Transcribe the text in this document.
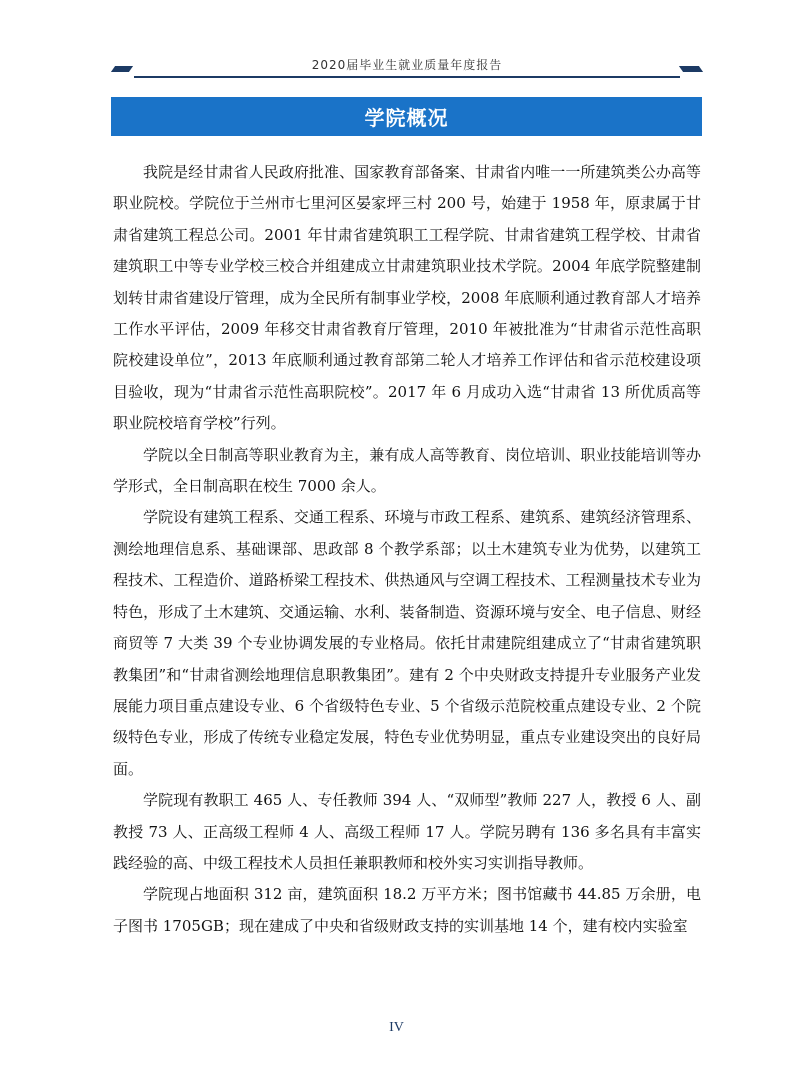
2020届毕业生就业质量年度报告
学院概况

我院是经甘肃省人民政府批准、国家教育部备案、甘肃省内唯一一所建筑类公办高等职业院校。学院位于兰州市七里河区晏家坪三村 200 号，始建于 1958 年，原隶属于甘肃省建筑工程总公司。2001 年甘肃省建筑职工工程学院、甘肃省建筑工程学校、甘肃省建筑职工中等专业学校三校合并组建成立甘肃建筑职业技术学院。2004 年底学院整建制划转甘肃省建设厅管理，成为全民所有制事业学校，2008 年底顺利通过教育部人才培养工作水平评估，2009 年移交甘肃省教育厅管理，2010 年被批准为“甘肃省示范性高职院校建设单位”，2013 年底顺利通过教育部第二轮人才培养工作评估和省示范校建设项目验收，现为“甘肃省示范性高职院校”。2017 年 6 月成功入选“甘肃省 13 所优质高等职业院校培育学校”行列。

学院以全日制高等职业教育为主，兼有成人高等教育、岗位培训、职业技能培训等办学形式，全日制高职在校生 7000 余人。

学院设有建筑工程系、交通工程系、环境与市政工程系、建筑系、建筑经济管理系、测绘地理信息系、基础课部、思政部 8 个教学系部；以土木建筑专业为优势，以建筑工程技术、工程造价、道路桥梁工程技术、供热通风与空调工程技术、工程测量技术专业为特色，形成了土木建筑、交通运输、水利、装备制造、资源环境与安全、电子信息、财经商贸等 7 大类 39 个专业协调发展的专业格局。依托甘肃建院组建成立了“甘肃省建筑职教集团”和“甘肃省测绘地理信息职教集团”。建有 2 个中央财政支持提升专业服务产业发展能力项目重点建设专业、6 个省级特色专业、5 个省级示范院校重点建设专业、2 个院级特色专业，形成了传统专业稳定发展，特色专业优势明显，重点专业建设突出的良好局面。

学院现有教职工 465 人、专任教师 394 人、“双师型”教师 227 人，教授 6 人、副教授 73 人、正高级工程师 4 人、高级工程师 17 人。学院另聘有 136 多名具有丰富实践经验的高、中级工程技术人员担任兼职教师和校外实习实训指导教师。

学院现占地面积 312 亩，建筑面积 18.2 万平方米；图书馆藏书 44.85 万余册，电子图书 1705GB；现在建成了中央和省级财政支持的实训基地 14 个，建有校内实验室

IV
